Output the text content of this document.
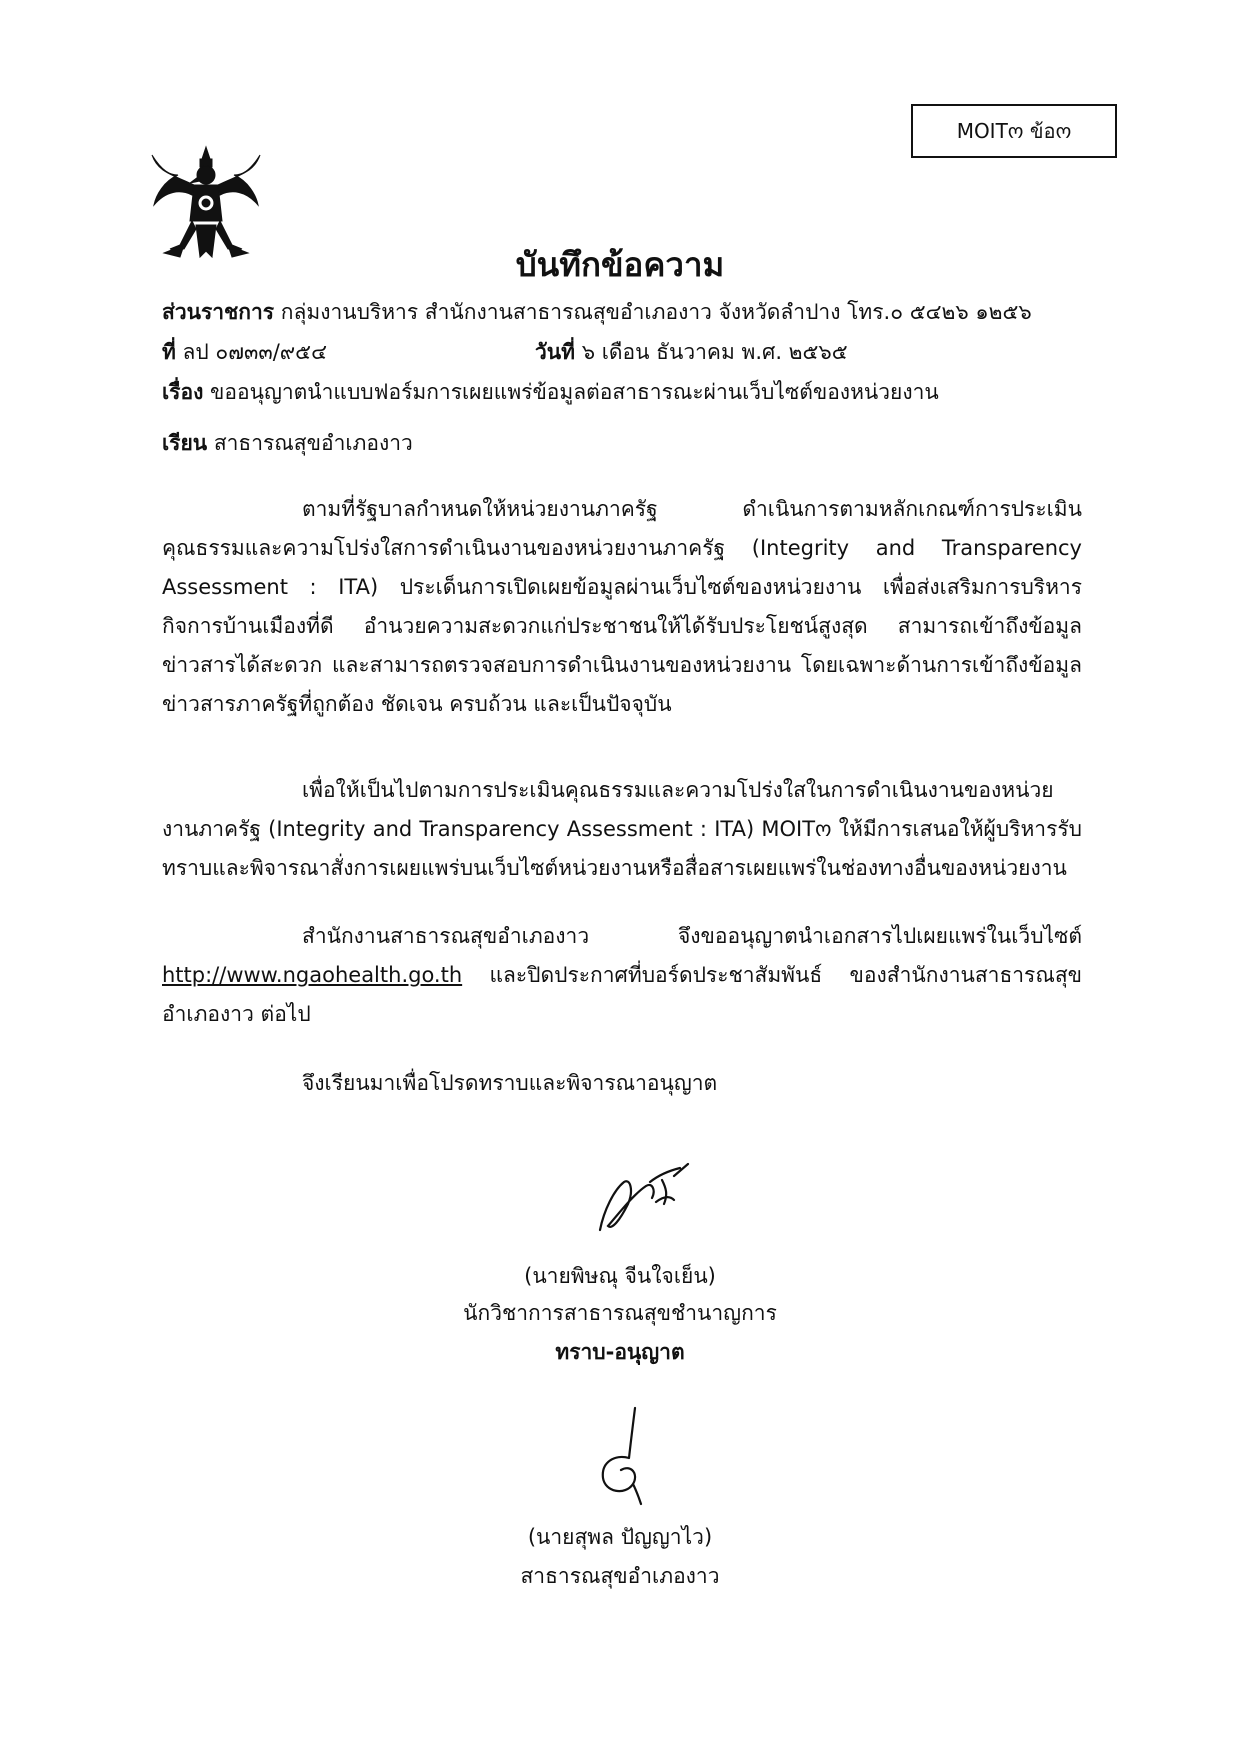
MOITო ข้อო
บันทึกข้อความ
ส่วนราชการ กลุ่มงานบริหาร สำนักงานสาธารณสุขอำเภองาว จังหวัดลำปาง โทร.๐ ๕๔๒๖ ๑๒๕๖
ที่ ลป ๐๗๓๓/๙๕๔	วันที่ ๖ เดือน ธันวาคม พ.ศ. ๒๕๖๕
เรื่อง ขออนุญาตนำแบบฟอร์มการเผยแพร่ข้อมูลต่อสาธารณะผ่านเว็บไซต์ของหน่วยงาน
เรียน สาธารณสุขอำเภองาว
ตามที่รัฐบาลกำหนดให้หน่วยงานภาครัฐ ดำเนินการตามหลักเกณฑ์การประเมินคุณธรรมและความโปร่งใสการดำเนินงานของหน่วยงานภาครัฐ (Integrity and Transparency Assessment : ITA) ประเด็นการเปิดเผยข้อมูลผ่านเว็บไซต์ของหน่วยงาน เพื่อส่งเสริมการบริหารกิจการบ้านเมืองที่ดี อำนวยความสะดวกแก่ประชาชนให้ได้รับประโยชน์สูงสุด สามารถเข้าถึงข้อมูลข่าวสารได้สะดวก และสามารถตรวจสอบการดำเนินงานของหน่วยงาน โดยเฉพาะด้านการเข้าถึงข้อมูลข่าวสารภาครัฐที่ถูกต้อง ชัดเจน ครบถ้วน และเป็นปัจจุบัน
เพื่อให้เป็นไปตามการประเมินคุณธรรมและความโปร่งใสในการดำเนินงานของหน่วยงานภาครัฐ (Integrity and Transparency Assessment : ITA) MOITო ให้มีการเสนอให้ผู้บริหารรับทราบและพิจารณาสั่งการเผยแพร่บนเว็บไซต์หน่วยงานหรือสื่อสารเผยแพร่ในช่องทางอื่นของหน่วยงาน
สำนักงานสาธารณสุขอำเภองาว จึงขออนุญาตนำเอกสารไปเผยแพร่ในเว็บไซต์ http://www.ngaohealth.go.th และปิดประกาศที่บอร์ดประชาสัมพันธ์ ของสำนักงานสาธารณสุขอำเภองาว ต่อไป
จึงเรียนมาเพื่อโปรดทราบและพิจารณาอนุญาต
(นายพิษณุ จีนใจเย็น)
นักวิชาการสาธารณสุขชำนาญการ
ทราบ-อนุญาต
(นายสุพล ปัญญาไว)
สาธารณสุขอำเภองาว
